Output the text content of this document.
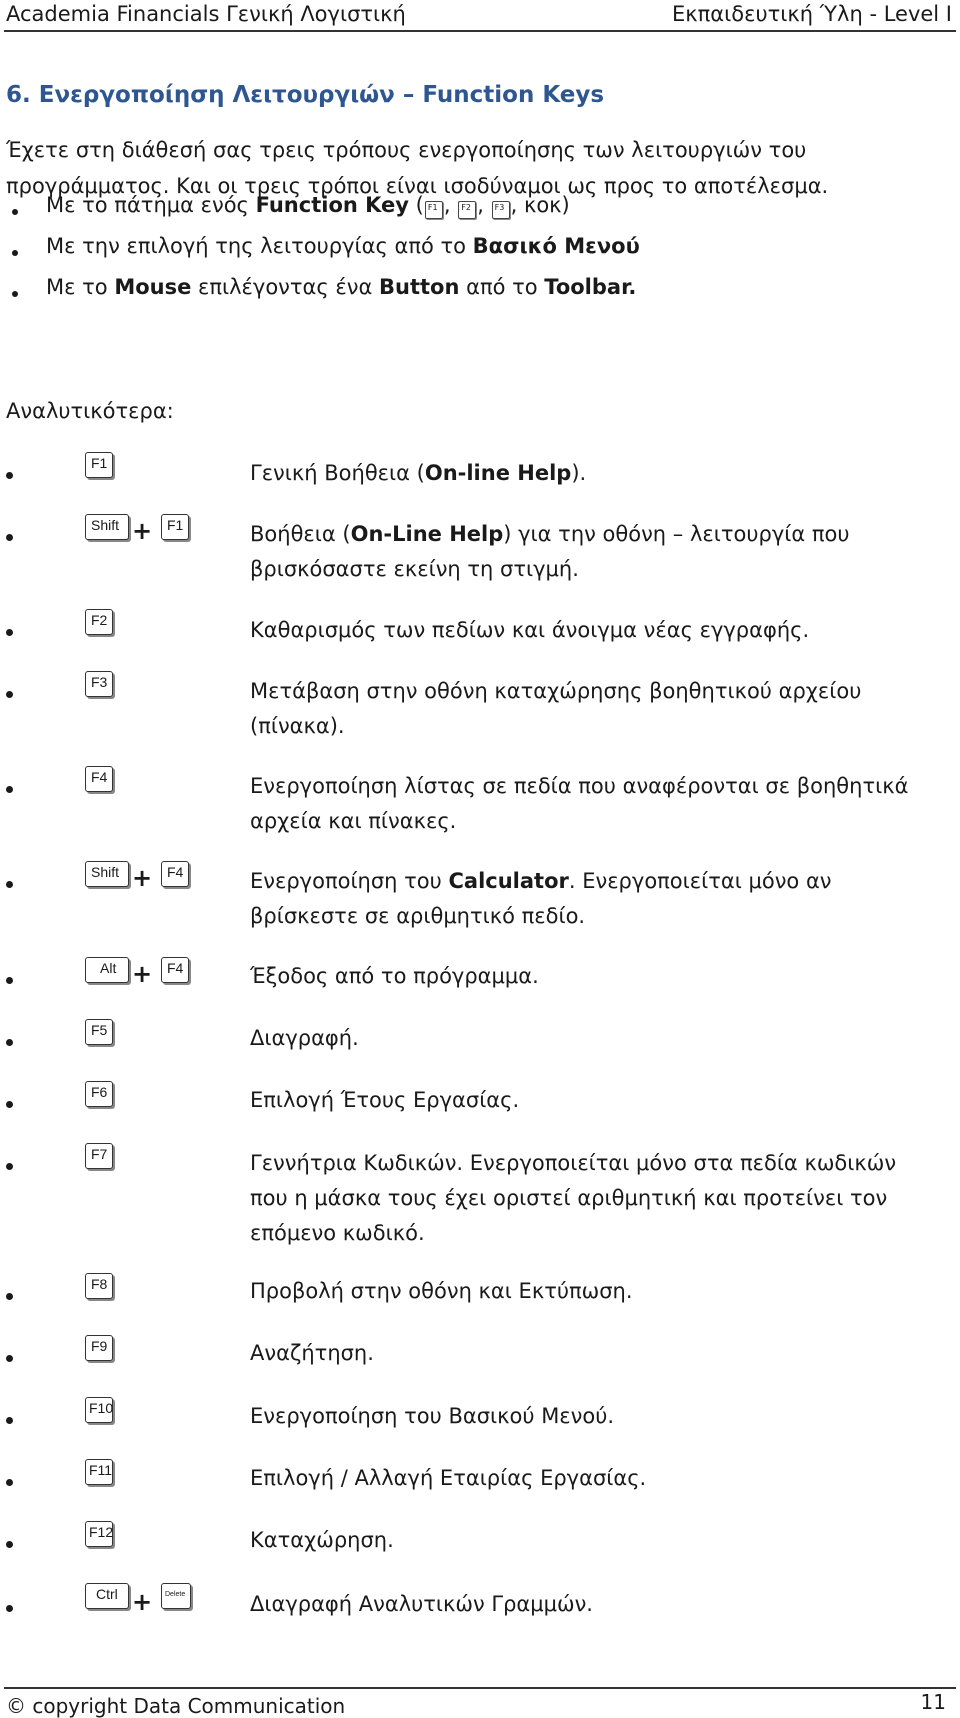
Academia Financials Γενική Λογιστική	Εκπαιδευτική Ύλη - Level I
6. Ενεργοποίηση Λειτουργιών – Function Keys

Έχετε στη διάθεσή σας τρεις τρόπους ενεργοποίησης των λειτουργιών του προγράμματος. Και οι τρεις τρόποι είναι ισοδύναμοι ως προς το αποτέλεσμα.

Με το πάτημα ενός Function Key ( F1 , F2 , F3 , κοκ)
Με την επιλογή της λειτουργίας από το Βασικό Μενού
Με το Mouse επιλέγοντας ένα Button από το Toolbar.
Αναλυτικότερα:
F1	Γενική Βοήθεια (On-line Help).

Shift +	F1	Βοήθεια (On-Line Help) για την οθόνη – λειτουργία που βρισκόσαστε εκείνη τη στιγμή.

F2	Καθαρισμός των πεδίων και άνοιγμα νέας εγγραφής.

F3	Μετάβαση στην οθόνη καταχώρησης βοηθητικού αρχείου (πίνακα).

F4	Ενεργοποίηση λίστας σε πεδία που αναφέρονται σε βοηθητικά αρχεία και πίνακες.

Shift +	F4	Ενεργοποίηση του Calculator. Ενεργοποιείται μόνο αν βρίσκεστε σε αριθμητικό πεδίο.

Alt +	F4	Έξοδος από το πρόγραμμα.

F5	Διαγραφή.

F6	Επιλογή Έτους Εργασίας.

F7	Γεννήτρια Κωδικών. Ενεργοποιείται μόνο στα πεδία κωδικών που η μάσκα τους έχει οριστεί αριθμητική και προτείνει τον επόμενο κωδικό.

F8	Προβολή στην οθόνη και Εκτύπωση.

F9	Αναζήτηση.

F10	Ενεργοποίηση του Βασικού Μενού.

F11	Επιλογή / Αλλαγή Εταιρίας Εργασίας.

F12	Καταχώρηση.

Ctrl +	Delete	Διαγραφή Αναλυτικών Γραμμών.

© copyright Data Communication	11
